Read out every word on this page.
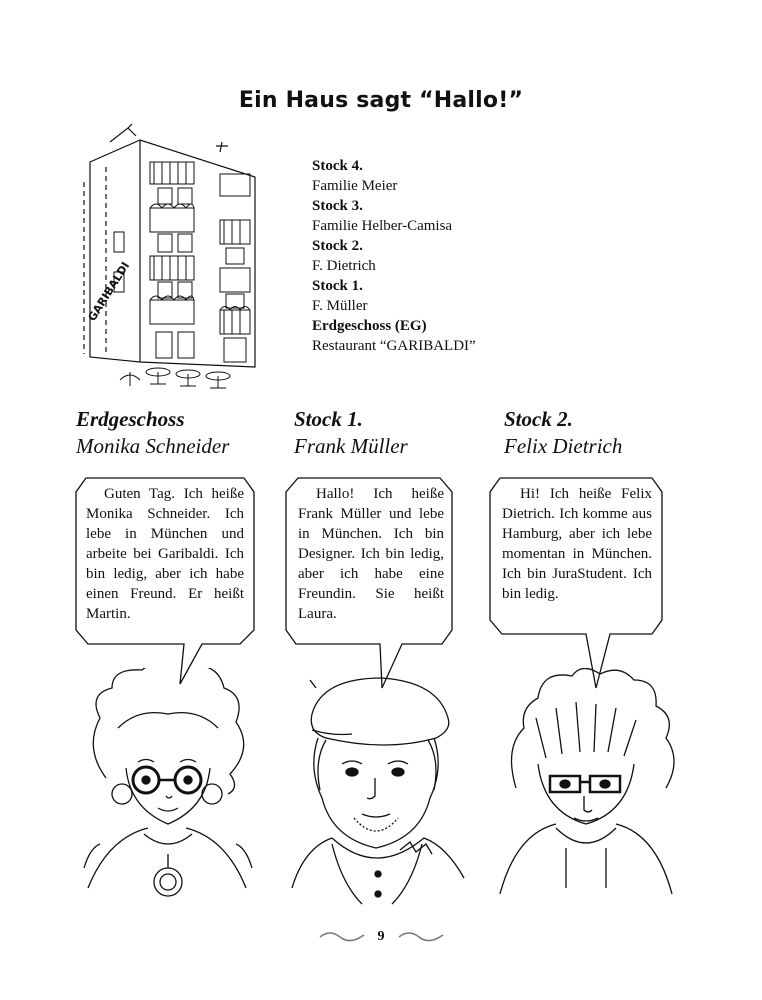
Ein Haus sagt “Hallo!”
GARIBALDI
Stock 4.
Familie Meier
Stock 3.
Familie Helber-Camisa
Stock 2.
F. Dietrich
Stock 1.
F. Müller
Erdgeschoss (EG)
Restaurant “GARIBALDI”
Erdgeschoss
Monika Schneider
Stock 1.
Frank Müller
Stock 2.
Felix Dietrich
Guten Tag. Ich heiße Monika Schneider. Ich lebe in München und arbeite bei Garibaldi. Ich bin ledig, aber ich habe einen Freund. Er heißt Martin.
Hallo! Ich heiße Frank Müller und lebe in München. Ich bin Designer. Ich bin ledig, aber ich habe eine Freundin. Sie heißt Laura.
Hi! Ich heiße Felix Dietrich. Ich komme aus Hamburg, aber ich lebe momentan in München. Ich bin JuraStudent. Ich bin ledig.
9
